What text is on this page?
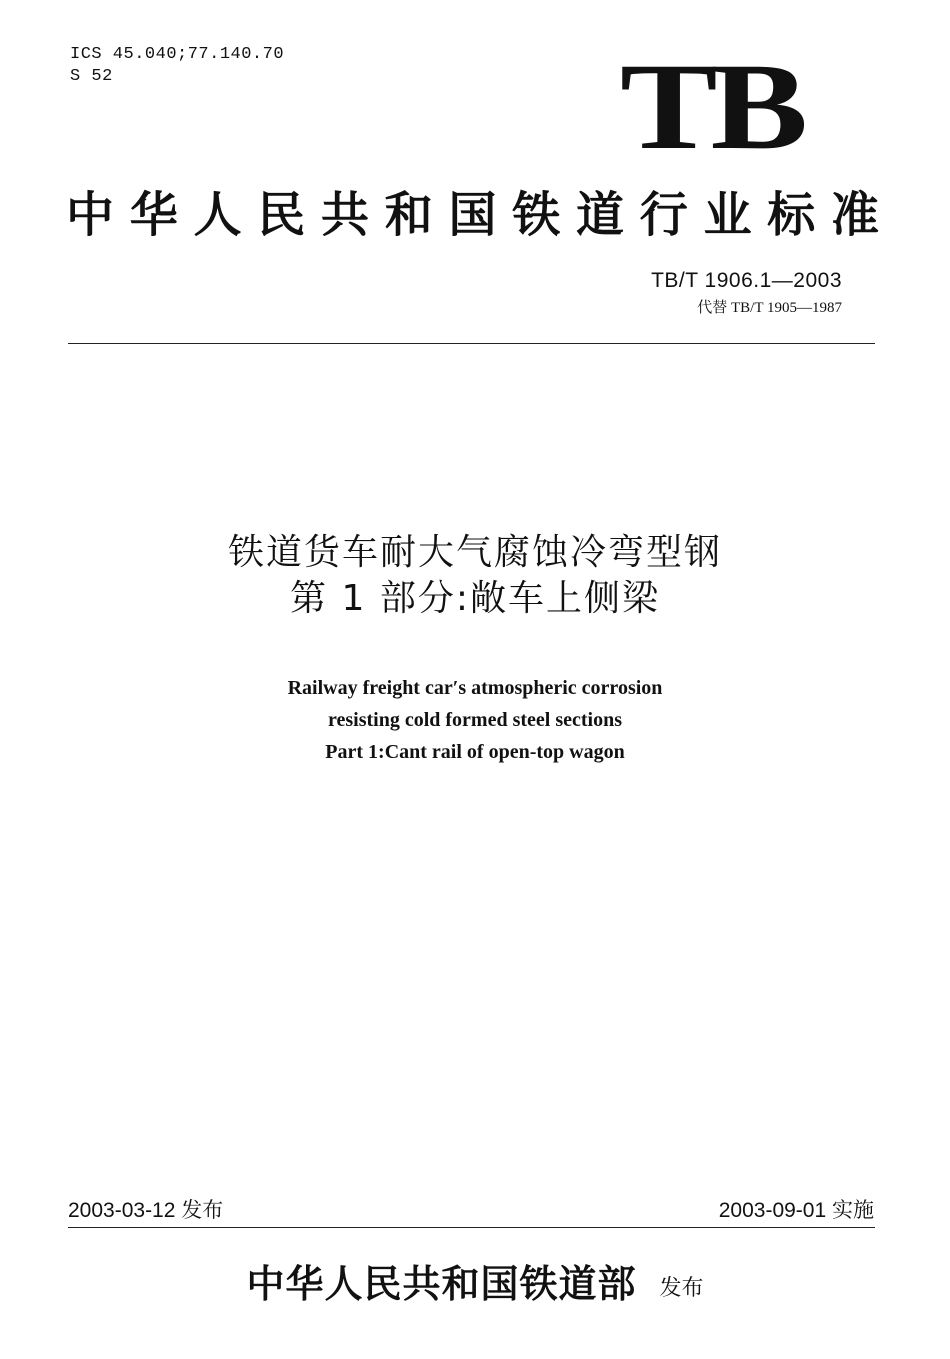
ICS 45.040;77.140.70
S 52	TB
中华人民共和国铁道行业标准
TB/T 1906.1—2003
代替 TB/T 1905—1987
铁道货车耐大气腐蚀冷弯型钢
第 1 部分:敞车上侧梁
Railway freight car′s atmospheric corrosion
resisting cold formed steel sections
Part 1:Cant rail of open-top wagon
2003-03-12 发布	2003-09-01 实施
中华人民共和国铁道部 发布
